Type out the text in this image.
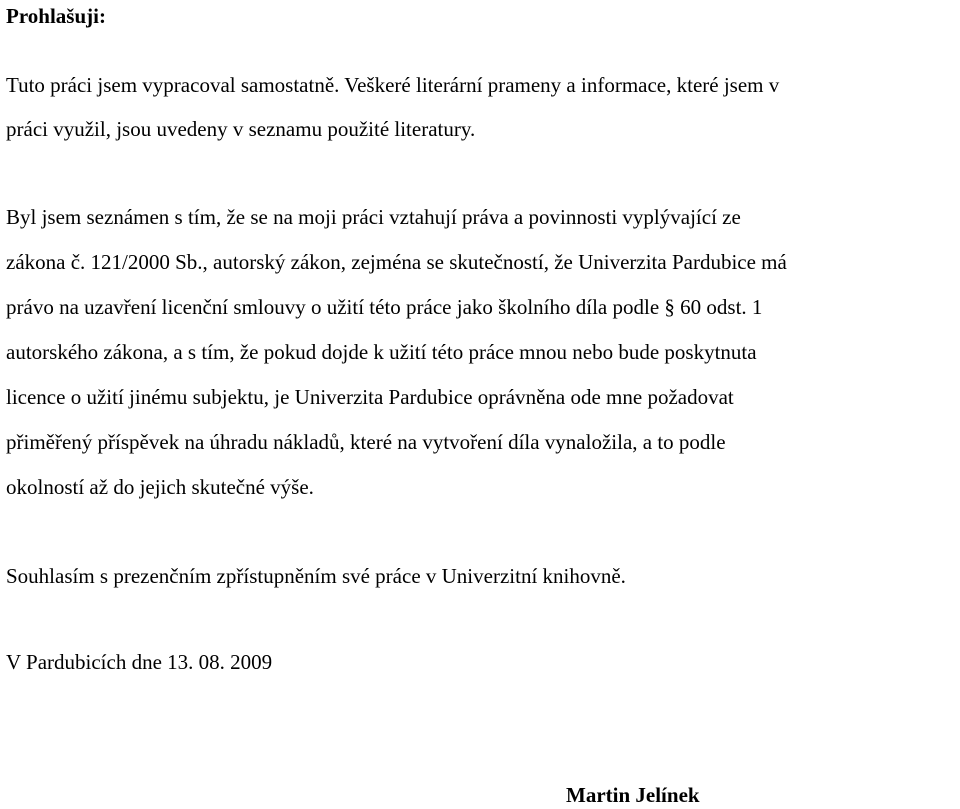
Prohlašuji:
Tuto práci jsem vypracoval samostatně. Veškeré literární prameny a informace, které jsem v
práci využil, jsou uvedeny v seznamu použité literatury.
Byl jsem seznámen s tím, že se na moji práci vztahují práva a povinnosti vyplývající ze
zákona č. 121/2000 Sb., autorský zákon, zejména se skutečností, že Univerzita Pardubice má
právo na uzavření licenční smlouvy o užití této práce jako školního díla podle § 60 odst. 1
autorského zákona, a s tím, že pokud dojde k užití této práce mnou nebo bude poskytnuta
licence o užití jinému subjektu, je Univerzita Pardubice oprávněna ode mne požadovat
přiměřený příspěvek na úhradu nákladů, které na vytvoření díla vynaložila, a to podle
okolností až do jejich skutečné výše.
Souhlasím s prezenčním zpřístupněním své práce v Univerzitní knihovně.
V Pardubicích dne 13. 08. 2009
Martin Jelínek
